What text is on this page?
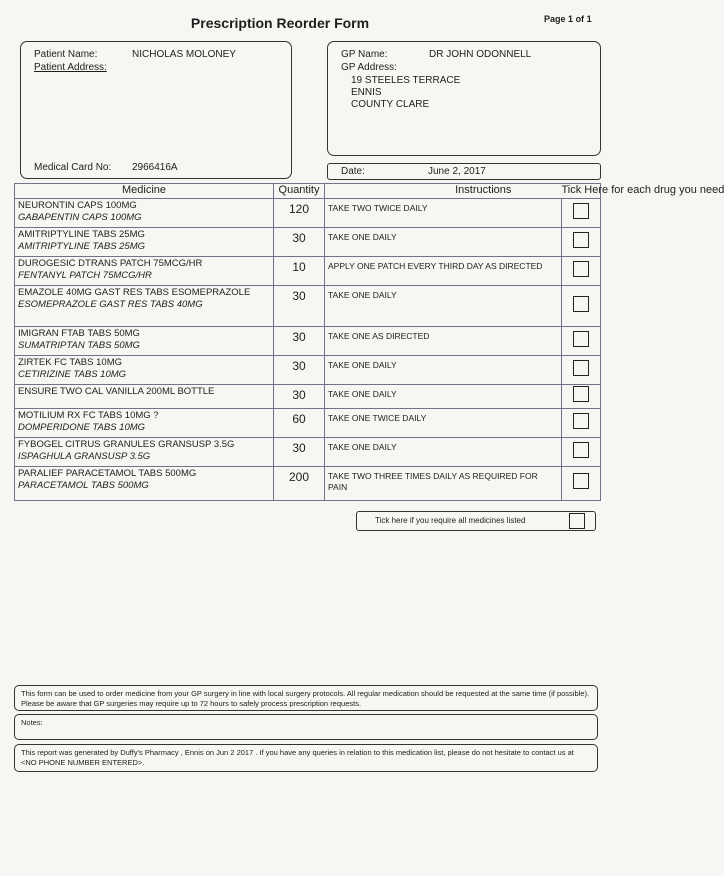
Prescription Reorder Form	Page 1 of 1
Patient Name:	NICHOLAS MOLONEY
Patient Address:
Medical Card No: 2966416A
GP Name:	DR JOHN ODONNELL
GP Address:
19 STEELES TERRACE
ENNIS
COUNTY CLARE
Date:	June 2, 2017
Medicine	Quantity	Instructions	Tick Here for each drug you need

NEURONTIN CAPS 100MG
GABAPENTIN CAPS 100MG	120	TAKE TWO TWICE DAILY	

AMITRIPTYLINE TABS 25MG
AMITRIPTYLINE TABS 25MG	30	TAKE ONE DAILY	

DUROGESIC DTRANS PATCH 75MCG/HR
FENTANYL PATCH 75MCG/HR	10	APPLY ONE PATCH EVERY THIRD DAY AS DIRECTED	

EMAZOLE 40MG GAST RES TABS ESOMEPRAZOLE
ESOMEPRAZOLE GAST RES TABS 40MG	30	TAKE ONE DAILY	

IMIGRAN FTAB TABS 50MG
SUMATRIPTAN TABS 50MG	30	TAKE ONE AS DIRECTED	

ZIRTEK FC TABS 10MG
CETIRIZINE TABS 10MG	30	TAKE ONE DAILY	

ENSURE TWO CAL VANILLA 200ML BOTTLE	30	TAKE ONE DAILY	

MOTILIUM RX FC TABS 10MG ?
DOMPERIDONE TABS 10MG	60	TAKE ONE TWICE DAILY	

FYBOGEL CITRUS GRANULES GRANSUSP 3.5G
ISPAGHULA GRANSUSP 3.5G	30	TAKE ONE DAILY	

PARALIEF PARACETAMOL TABS 500MG
PARACETAMOL TABS 500MG	200	TAKE TWO THREE TIMES DAILY AS REQUIRED FOR PAIN	
Tick here if you require all medicines listed
This form can be used to order medicine from your GP surgery in line with local surgery protocols. All regular medication should be requested at the same time (if possible). Please be aware that GP surgeries may require up to 72 hours to safely process prescription requests.
Notes:
This report was generated by Duffy's Pharmacy , Ennis on Jun 2 2017 . If you have any queries in relation to this medication list, please do not hesitate to contact us at <NO PHONE NUMBER ENTERED>.
